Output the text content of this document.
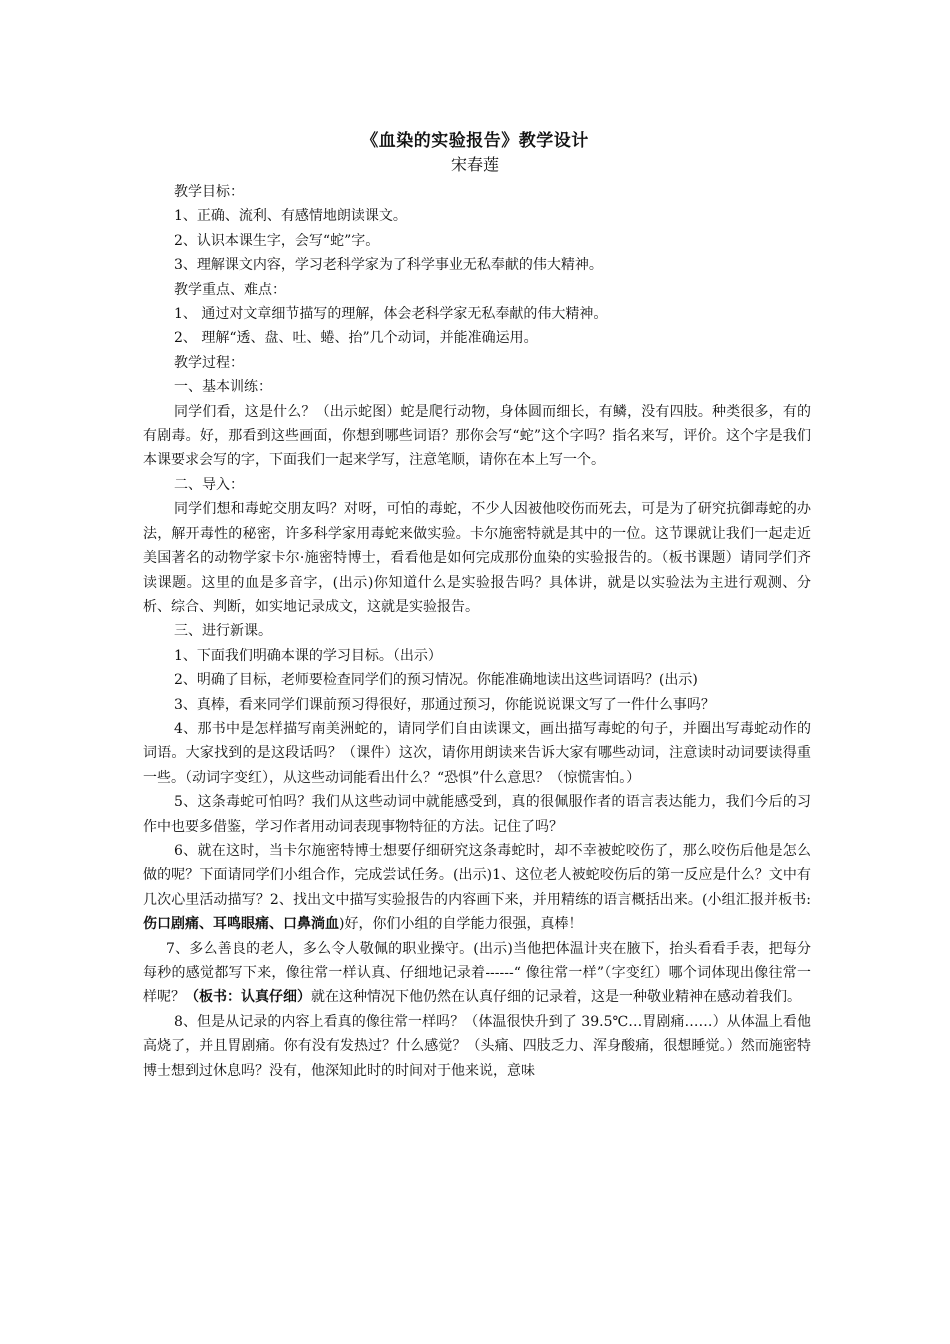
《血染的实验报告》教学设计
宋春莲

教学目标：

1、正确、流利、有感情地朗读课文。

2、认识本课生字，会写“蛇”字。

3、理解课文内容，学习老科学家为了科学事业无私奉献的伟大精神。

教学重点、难点：

1、 通过对文章细节描写的理解，体会老科学家无私奉献的伟大精神。

2、 理解“透、盘、吐、蜷、抬”几个动词，并能准确运用。

教学过程：

一、基本训练：

同学们看，这是什么？（出示蛇图）蛇是爬行动物，身体圆而细长，有鳞，没有四肢。种类很多，有的有剧毒。好，那看到这些画面，你想到哪些词语？那你会写“蛇”这个字吗？指名来写，评价。这个字是我们本课要求会写的字，下面我们一起来学写，注意笔顺，请你在本上写一个。

二、导入：

同学们想和毒蛇交朋友吗？对呀，可怕的毒蛇，不少人因被他咬伤而死去，可是为了研究抗御毒蛇的办法，解开毒性的秘密，许多科学家用毒蛇来做实验。卡尔施密特就是其中的一位。这节课就让我们一起走近美国著名的动物学家卡尔·施密特博士，看看他是如何完成那份血染的实验报告的。（板书课题）请同学们齐读课题。这里的血是多音字，(出示)你知道什么是实验报告吗？具体讲，就是以实验法为主进行观测、分析、综合、判断，如实地记录成文，这就是实验报告。

三、进行新课。

1、下面我们明确本课的学习目标。（出示）

2、明确了目标，老师要检查同学们的预习情况。你能准确地读出这些词语吗？(出示)

3、真棒，看来同学们课前预习得很好，那通过预习，你能说说课文写了一件什么事吗？

4、那书中是怎样描写南美洲蛇的，请同学们自由读课文，画出描写毒蛇的句子，并圈出写毒蛇动作的词语。大家找到的是这段话吗？（课件）这次，请你用朗读来告诉大家有哪些动词，注意读时动词要读得重一些。（动词字变红），从这些动词能看出什么？“恐惧”什么意思？（惊慌害怕。）

5、这条毒蛇可怕吗？我们从这些动词中就能感受到，真的很佩服作者的语言表达能力，我们今后的习作中也要多借鉴，学习作者用动词表现事物特征的方法。记住了吗？

6、就在这时，当卡尔施密特博士想要仔细研究这条毒蛇时，却不幸被蛇咬伤了，那么咬伤后他是怎么做的呢？下面请同学们小组合作，完成尝试任务。(出示)1、这位老人被蛇咬伤后的第一反应是什么？文中有几次心里活动描写？2、找出文中描写实验报告的内容画下来，并用精练的语言概括出来。(小组汇报并板书:伤口剧痛、耳鸣眼痛、口鼻淌血)好，你们小组的自学能力很强，真棒！

7、多么善良的老人，多么令人敬佩的职业操守。(出示)当他把体温计夹在腋下，抬头看看手表，把每分每秒的感觉都写下来，像往常一样认真、仔细地记录着------“ 像往常一样”（字变红）哪个词体现出像往常一样呢？（板书：认真仔细）就在这种情况下他仍然在认真仔细的记录着，这是一种敬业精神在感动着我们。

8、但是从记录的内容上看真的像往常一样吗？（体温很快升到了 39.5℃…胃剧痛……）从体温上看他高烧了，并且胃剧痛。你有没有发热过？什么感觉？（头痛、四肢乏力、浑身酸痛，很想睡觉。）然而施密特博士想到过休息吗？没有，他深知此时的时间对于他来说，意味
